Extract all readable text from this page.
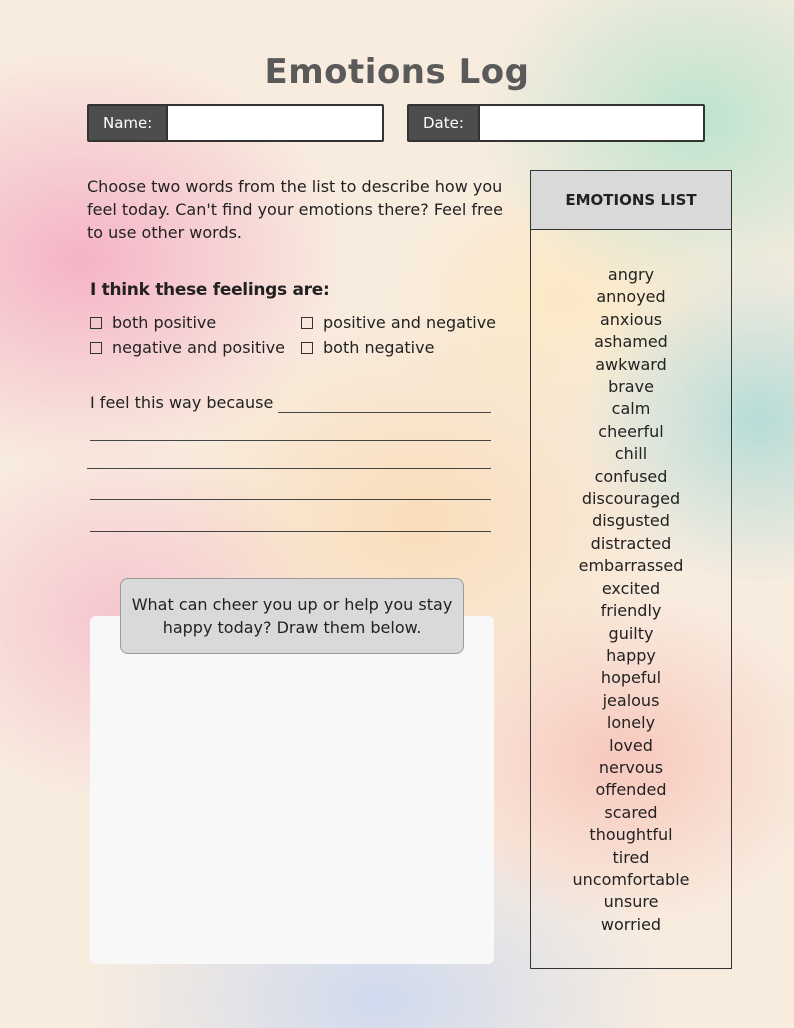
Emotions Log
Name:	Date:
Choose two words from the list to describe how you feel today. Can't find your emotions there? Feel free to use other words.
I think these feelings are:
both positive	positive and negative
negative and positive both negative
I feel this way because
What can cheer you up or help you stay happy today? Draw them below.
EMOTIONS LIST
angry
annoyed
anxious
ashamed
awkward
brave
calm
cheerful
chill
confused
discouraged
disgusted
distracted
embarrassed
excited
friendly
guilty
happy
hopeful
jealous
lonely
loved
nervous
offended
scared
thoughtful
tired
uncomfortable
unsure
worried
